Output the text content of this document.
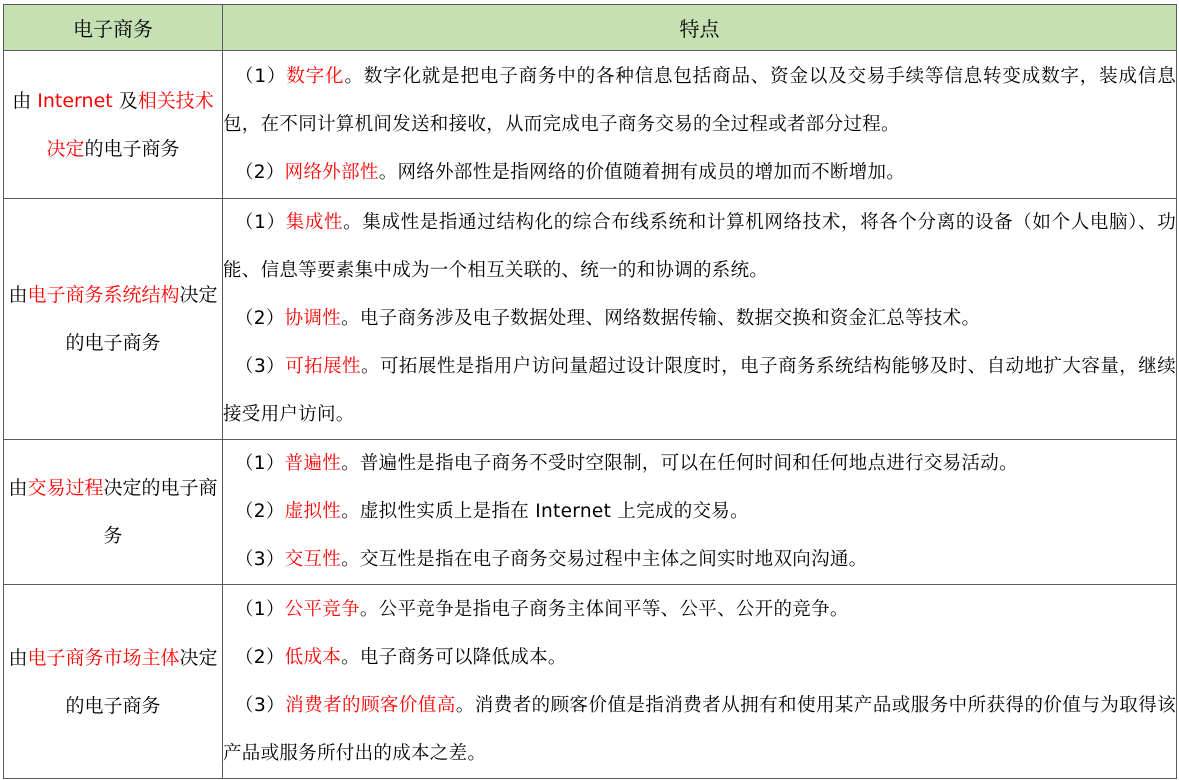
电子商务	特点
由 Internet 及相关技术决定的电子商务	（1）数字化。数字化就是把电子商务中的各种信息包括商品、资金以及交易手续等信息转变成数字，装成信息包，在不同计算机间发送和接收，从而完成电子商务交易的全过程或者部分过程。
（2）网络外部性。网络外部性是指网络的价值随着拥有成员的增加而不断增加。

由电子商务系统结构决定的电子商务	（1）集成性。集成性是指通过结构化的综合布线系统和计算机网络技术，将各个分离的设备（如个人电脑）、功能、信息等要素集中成为一个相互关联的、统一的和协调的系统。
（2）协调性。电子商务涉及电子数据处理、网络数据传输、数据交换和资金汇总等技术。
（3）可拓展性。可拓展性是指用户访问量超过设计限度时，电子商务系统结构能够及时、自动地扩大容量，继续接受用户访问。

由交易过程决定的电子商务	（1）普遍性。普遍性是指电子商务不受时空限制，可以在任何时间和任何地点进行交易活动。
（2）虚拟性。虚拟性实质上是指在 Internet 上完成的交易。
（3）交互性。交互性是指在电子商务交易过程中主体之间实时地双向沟通。

由电子商务市场主体决定的电子商务	（1）公平竞争。公平竞争是指电子商务主体间平等、公平、公开的竞争。
（2）低成本。电子商务可以降低成本。
（3）消费者的顾客价值高。消费者的顾客价值是指消费者从拥有和使用某产品或服务中所获得的价值与为取得该产品或服务所付出的成本之差。
